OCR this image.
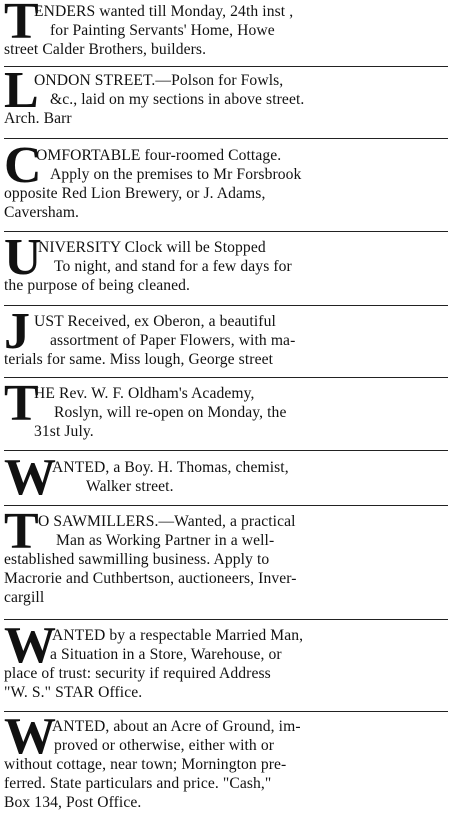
T
ENDERS wanted till Monday, 24th inst ,
for Painting Servants' Home, Howe
street Calder Brothers, builders.
L
ONDON STREET.—Polson for Fowls,
&c., laid on my sections in above street.
Arch. Barr
C
OMFORTABLE four-roomed Cottage.
Apply on the premises to Mr Forsbrook
opposite Red Lion Brewery, or J. Adams,
Caversham.
U
NIVERSITY Clock will be Stopped
To night, and stand for a few days for
the purpose of being cleaned.
J UST Received, ex Oberon, a beautiful
assortment of Paper Flowers, with ma-
terials for same. Miss lough, George street
T
HE Rev. W. F. Oldham's Academy,
Roslyn, will re-open on Monday, the
31st July.
W
ANTED, a Boy. H. Thomas, chemist,
Walker street.
T O SAWMILLERS.—Wanted, a practical
Man as Working Partner in a well-
established sawmilling business. Apply to
Macrorie and Cuthbertson, auctioneers, Inver-
cargill
W
ANTED by a respectable Married Man,
a Situation in a Store, Warehouse, or
place of trust: security if required Address
"W. S." STAR Office.
W
ANTED, about an Acre of Ground, im-
proved or otherwise, either with or
without cottage, near town; Mornington pre-
ferred. State particulars and price. "Cash,"
Box 134, Post Office.
